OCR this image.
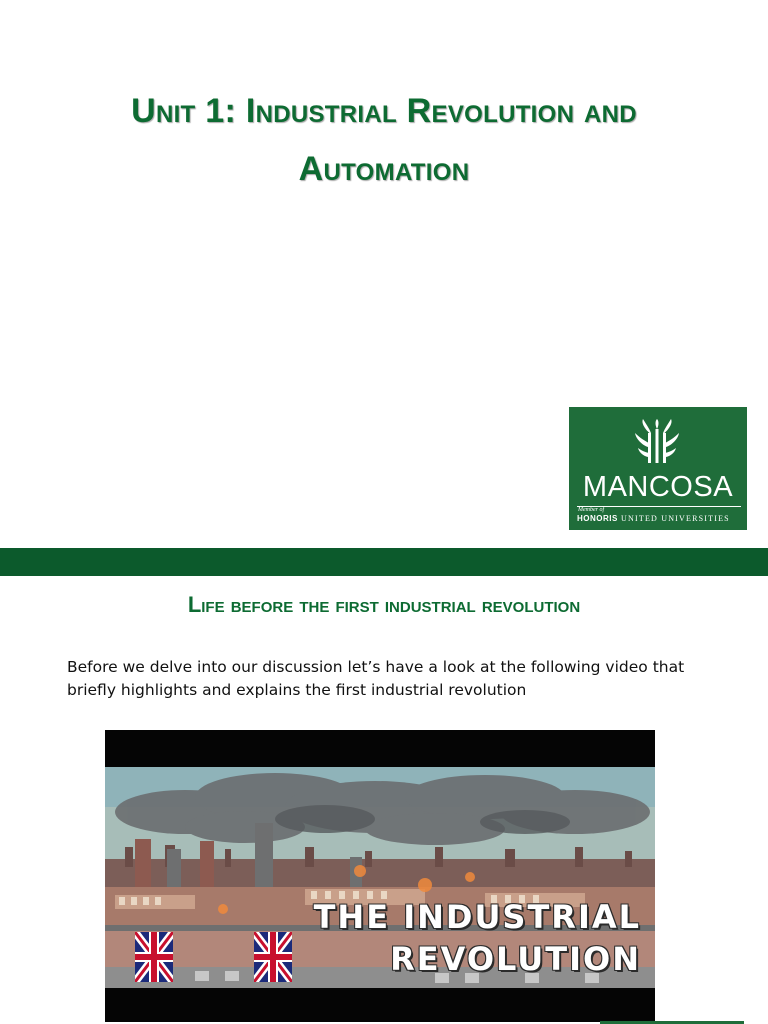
Unit 1: Industrial Revolution and
Automation
MANCOSA
Member of
HONORIS UNITED UNIVERSITIES
Life before the first industrial revolution

Before we delve into our discussion let’s have a look at the following video that briefly highlights and explains the first industrial revolution

THE INDUSTRIAL
REVOLUTION
